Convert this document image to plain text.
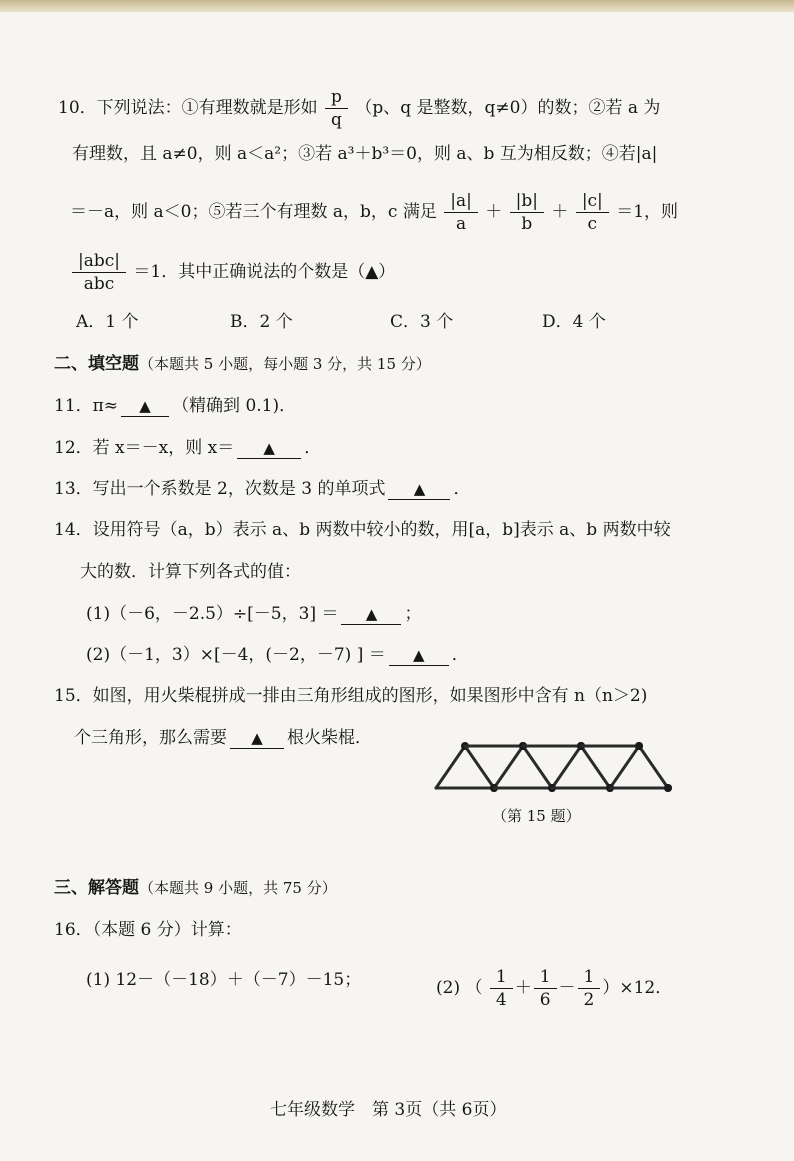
10．下列说法：①有理数就是形如 $\frac{p}{q} (p$、q 是整数，q≠0）的数；②若 a 为
有理数，且 a≠0，则 a＜a²；③若 a³＋b³＝0，则 a、b 互为相反数；④若|a|
＝－a，则 a＜0；⑤若三个有理数 a，b，c 满足 $\frac{|a|}{a} + \frac{|b|}{b} + \frac{|c|}{c} =1$，则
$\frac{\text{|abc|}}{\text{abc}} =1$．其中正确说法的个数是（▲）
A．1 个	B．2 个	C．3 个	D．4 个
二、填空题（本题共 5 小题，每小题 3 分，共 15 分）
11．π≈ ▲ （精确到 0.1)．
12．若 x＝－x，则 x＝ ▲ ．
13．写出一个系数是 2，次数是 3 的单项式 ▲ ．
14．设用符号（a，b）表示 a、b 两数中较小的数，用[a，b]表示 a、b 两数中较
大的数．计算下列各式的值：
(1)（－6，－2.5）÷[－5，3] ＝ ▲ ；
(2)（－1，3）×[－4，(－2，－7) ] ＝ ▲ ．
15．如图，用火柴棍拼成一排由三角形组成的图形，如果图形中含有 n（n＞2)
个三角形，那么需要 ▲ 根火柴棍．
（第 15 题）
三、解答题（本题共 9 小题，共 75 分）
16．（本题 6 分）计算：
(1) 12－（－18）＋（－7）－15；	(2) （ $\frac{1}{4} + \frac{1}{6} - \frac{1}{2} )\times 12$．
七年级数学　第 3页（共 6页）
